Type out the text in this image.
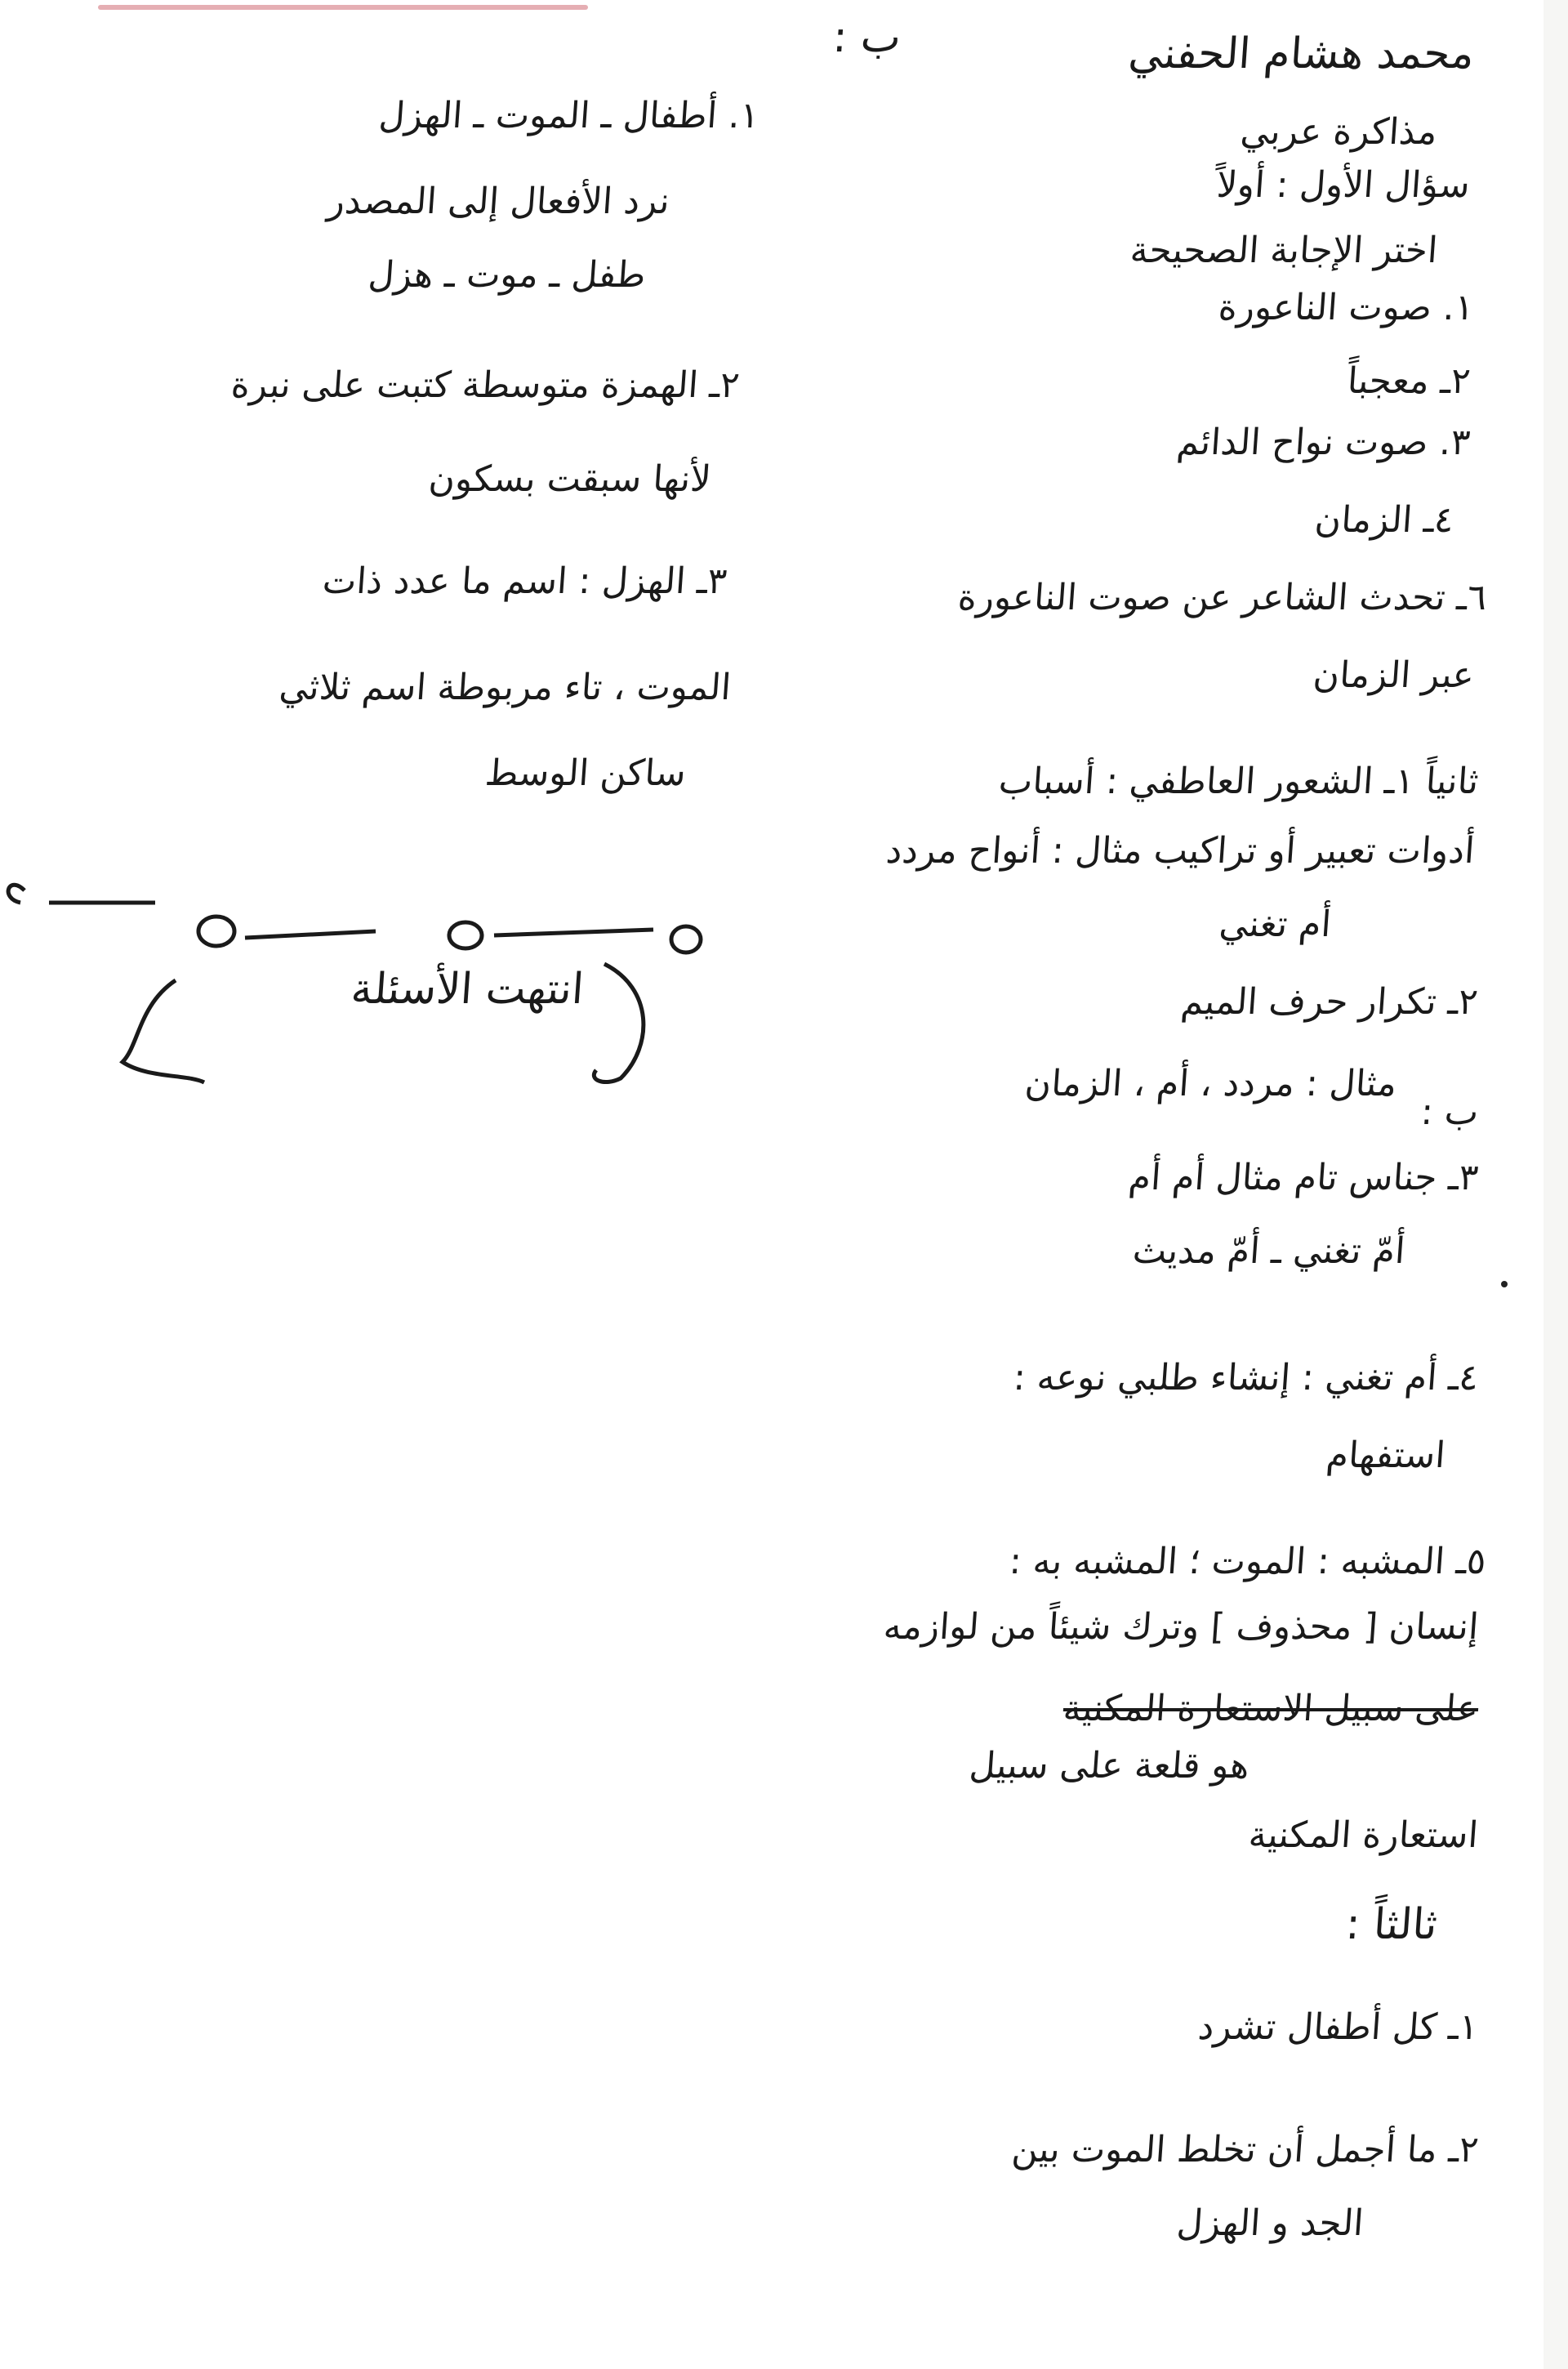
محمد هشام الحفني
ب :
مذاكرة عربي
سؤال الأول : أولاً
اختر الإجابة الصحيحة
١. صوت الناعورة
٢ـ معجباً
٣. صوت نواح الدائم
٤ـ الزمان
٦ـ تحدث الشاعر عن صوت الناعورة
عبر الزمان
ثانياً ١ـ الشعور العاطفي : أسباب
أدوات تعبير أو تراكيب مثال : أنواح مردد
أم تغني
٢ـ تكرار حرف الميم
مثال : مردد ، أم ، الزمان
ب :
٣ـ جناس تام مثال أم أم
أمّ تغني ـ أمّ مديث
٤ـ أم تغني : إنشاء طلبي نوعه :
استفهام
٥ـ المشبه : الموت ؛ المشبه به :
إنسان [ محذوف ] وترك شيئاً من لوازمه
على سبيل الاستعارة المكنية
هو قلعة على سبيل
استعارة المكنية
ثالثاً :
١ـ كل أطفال تشرد
٢ـ ما أجمل أن تخلط الموت بين
الجد و الهزل
١. أطفال ـ الموت ـ الهزل
نرد الأفعال إلى المصدر
طفل ـ موت ـ هزل
٢ـ الهمزة متوسطة كتبت على نبرة
لأنها سبقت بسكون
٣ـ الهزل : اسم ما عدد ذات
الموت ، تاء مربوطة اسم ثلاثي
ساكن الوسط
انتهت الأسئلة
